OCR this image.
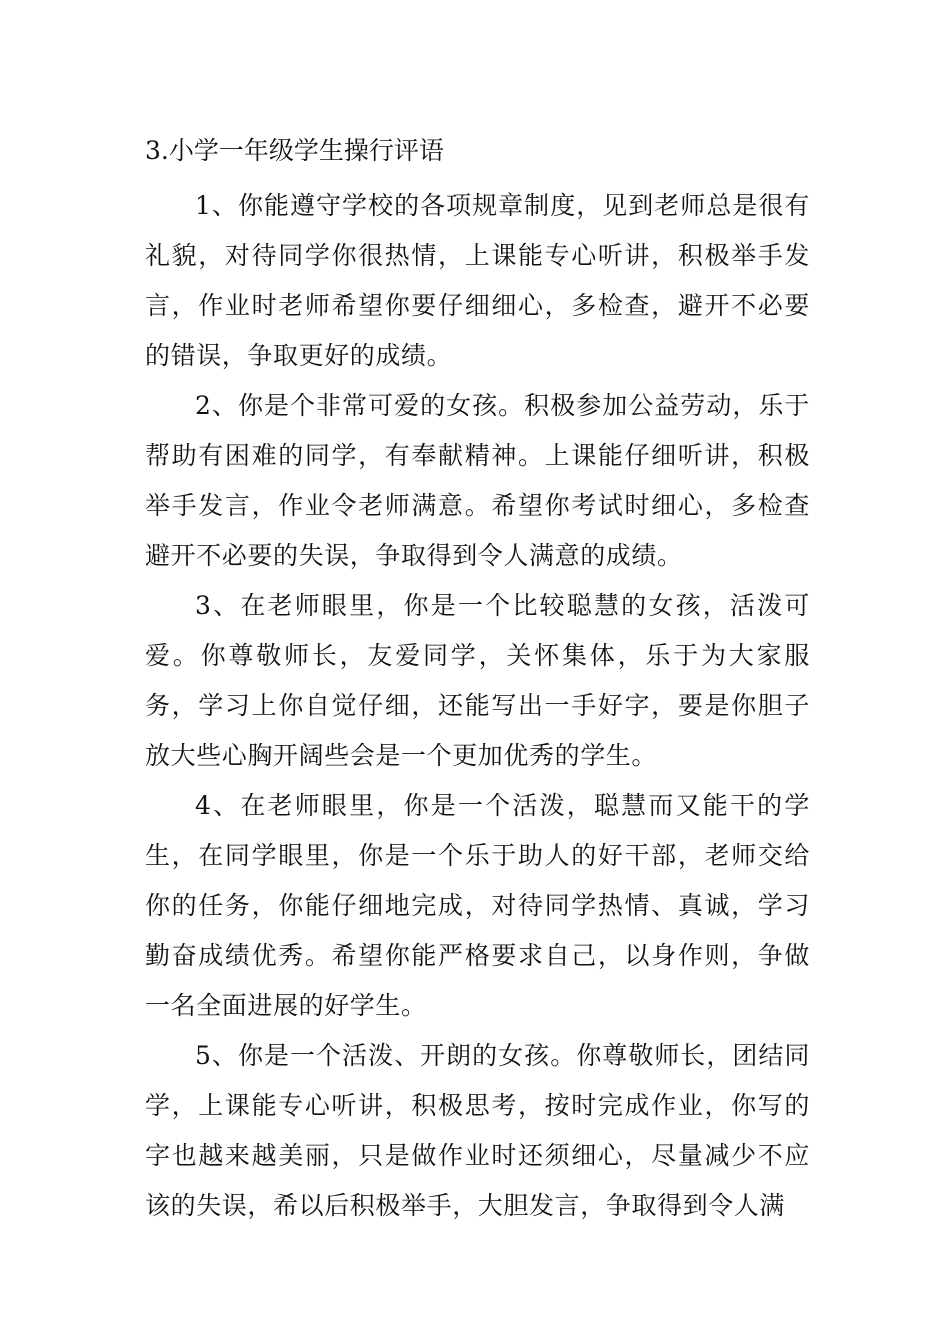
3.小学一年级学生操行评语

1、你能遵守学校的各项规章制度，见到老师总是很有礼貌，对待同学你很热情，上课能专心听讲，积极举手发言，作业时老师希望你要仔细细心，多检查，避开不必要的错误，争取更好的成绩。

2、你是个非常可爱的女孩。积极参加公益劳动，乐于帮助有困难的同学，有奉献精神。上课能仔细听讲，积极举手发言，作业令老师满意。希望你考试时细心，多检查避开不必要的失误，争取得到令人满意的成绩。

3、在老师眼里，你是一个比较聪慧的女孩，活泼可爱。你尊敬师长，友爱同学，关怀集体，乐于为大家服务，学习上你自觉仔细，还能写出一手好字，要是你胆子放大些心胸开阔些会是一个更加优秀的学生。

4、在老师眼里，你是一个活泼，聪慧而又能干的学生，在同学眼里，你是一个乐于助人的好干部，老师交给你的任务，你能仔细地完成，对待同学热情、真诚，学习勤奋成绩优秀。希望你能严格要求自己，以身作则，争做一名全面进展的好学生。

5、你是一个活泼、开朗的女孩。你尊敬师长，团结同学，上课能专心听讲，积极思考，按时完成作业，你写的字也越来越美丽，只是做作业时还须细心，尽量减少不应该的失误，希以后积极举手，大胆发言，争取得到令人满
